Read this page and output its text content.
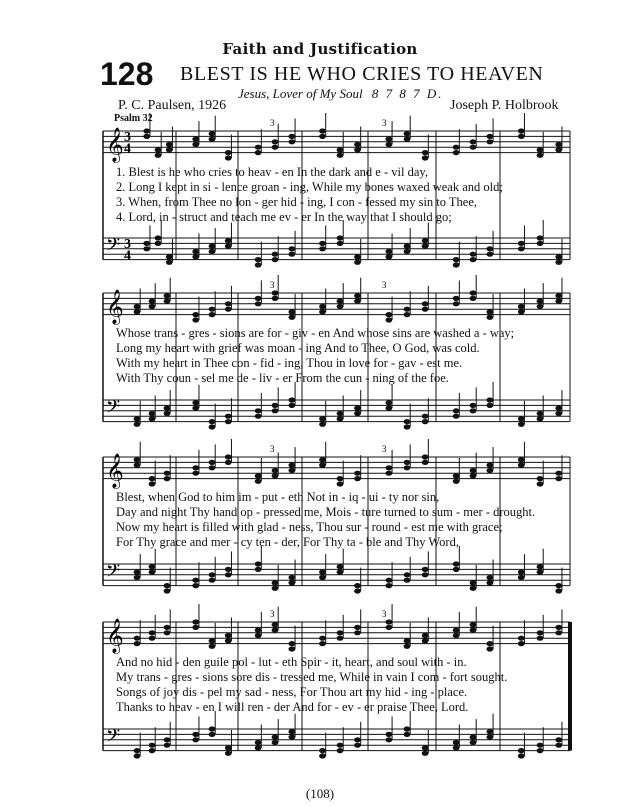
Faith and Justification
128 BLEST IS HE WHO CRIES TO HEAVEN
Jesus, Lover of My Soul 8 7 8 7 D.
P. C. Paulsen, 1926	Joseph P. Holbrook
Psalm 32
𝄞
𝄢
3	3
3
4
3
4
𝄞
𝄢
3	3
𝄞
𝄢
3	3
𝄞
𝄢
3	3
1. Blest is he who cries to heav - en In the dark and e - vil day,
2. Long I kept in si - lence groan - ing, While my bones waxed weak and old;
3. When, from Thee no lon - ger hid - ing, I con - fessed my sin to Thee,
4. Lord, in - struct and teach me ev - er In the way that I should go;
Whose trans - gres - sions are for - giv - en And whose sins are washed a - way;
Long my heart with grief was moan - ing And to Thee, O God, was cold.
With my heart in Thee con - fid - ing, Thou in love for - gav - est me.
With Thy coun - sel me de - liv - er From the cun - ning of the foe.
Blest, when God to him im - put - eth Not in - iq - ui - ty nor sin,
Day and night Thy hand op - pressed me, Mois - ture turned to sum - mer - drought.
Now my heart is filled with glad - ness, Thou sur - round - est me with grace;
For Thy grace and mer - cy ten - der, For Thy ta - ble and Thy Word,
And no hid - den guile pol - lut - eth Spir - it, heart, and soul with - in.
My trans - gres - sions sore dis - tressed me, While in vain I com - fort sought.
Songs of joy dis - pel my sad - ness, For Thou art my hid - ing - place.
Thanks to heav - en I will ren - der And for - ev - er praise Thee, Lord.
(108)
